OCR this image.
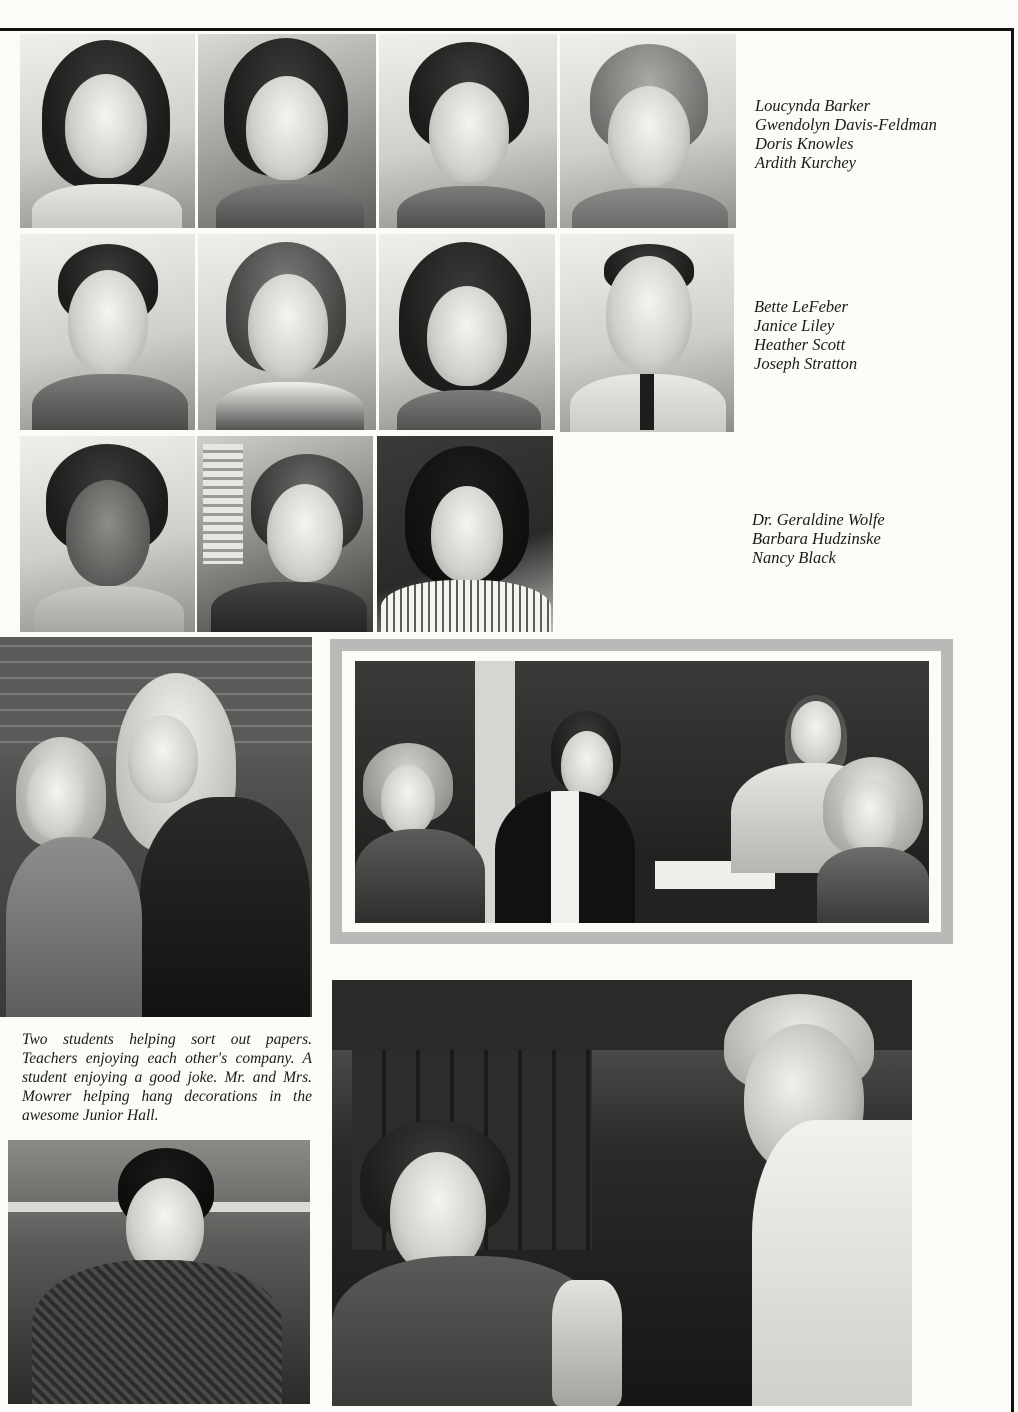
Loucynda Barker
Gwendolyn Davis-Feldman
Doris Knowles
Ardith Kurchey
Bette LeFeber
Janice Liley
Heather Scott
Joseph Stratton
Dr. Geraldine Wolfe
Barbara Hudzinske
Nancy Black
Two students helping sort out papers. Teachers enjoying each other's company. A student enjoying a good joke. Mr. and Mrs. Mowrer helping hang decorations in the awesome Junior Hall.
